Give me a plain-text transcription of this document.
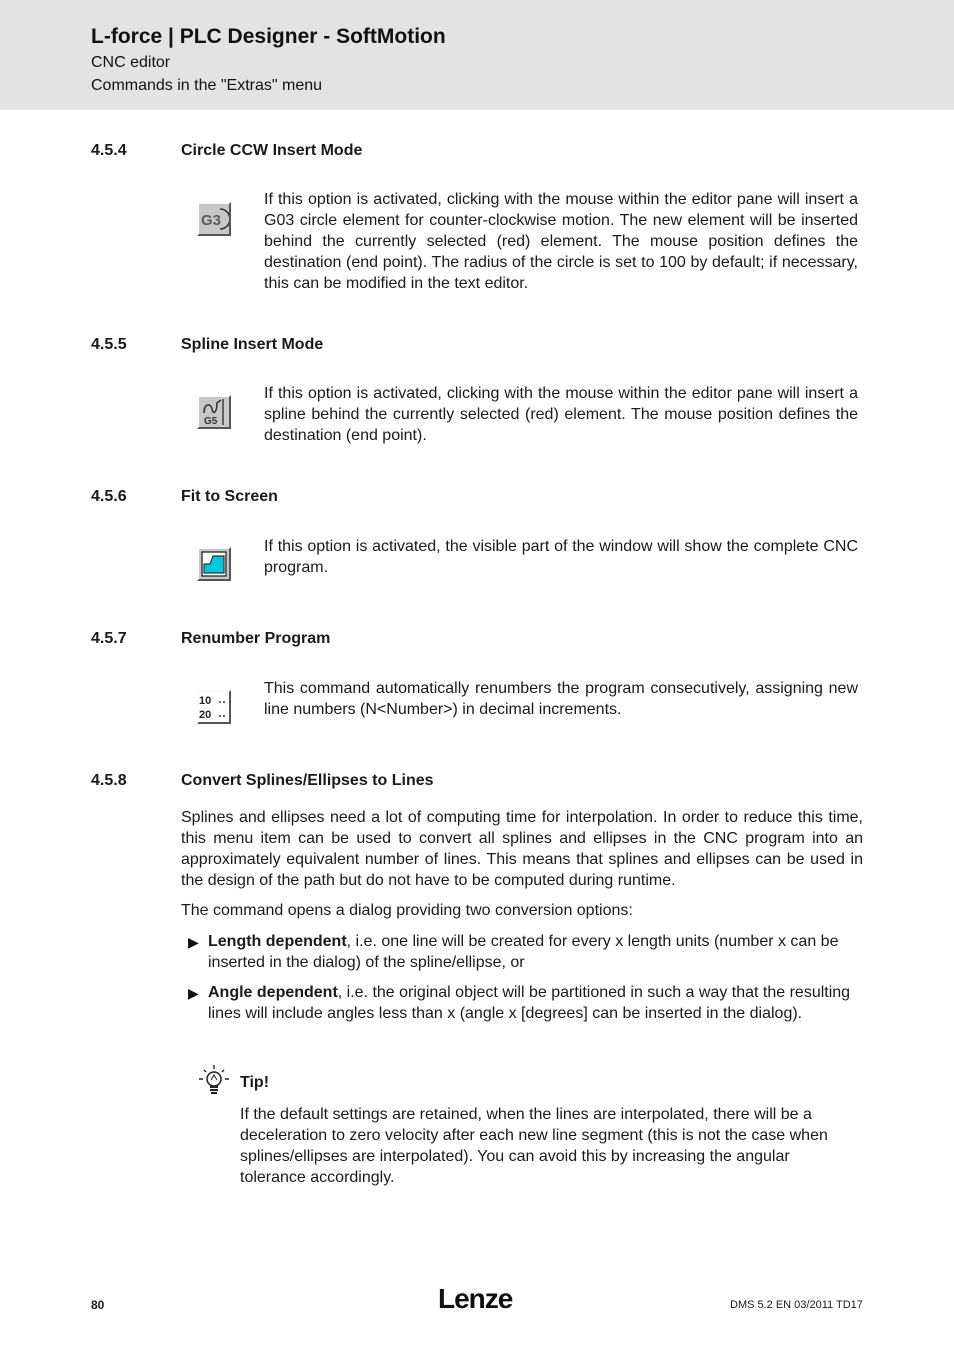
L-force | PLC Designer - SoftMotion
CNC editor
Commands in the "Extras" menu
4.5.4	Circle CCW Insert Mode
G3

If this option is activated, clicking with the mouse within the editor pane will insert a G03 circle element for counter-clockwise motion. The new element will be inserted behind the currently selected (red) element. The mouse position defines the destination (end point). The radius of the circle is set to 100 by default; if necessary, this can be modified in the text editor.

4.5.5	Spline Insert Mode
G5

If this option is activated, clicking with the mouse within the editor pane will insert a spline behind the currently selected (red) element. The mouse position defines the destination (end point).

4.5.6	Fit to Screen

If this option is activated, the visible part of the window will show the complete CNC program.

4.5.7	Renumber Program
10
20

This command automatically renumbers the program consecutively, assigning new line numbers (N<Number>) in decimal increments.

4.5.8	Convert Splines/Ellipses to Lines

Splines and ellipses need a lot of computing time for interpolation. In order to reduce this time, this menu item can be used to convert all splines and ellipses in the CNC program into an approximately equivalent number of lines. This means that splines and ellipses can be used in the design of the path but do not have to be computed during runtime.

The command opens a dialog providing two conversion options:

▶ Length dependent, i.e. one line will be created for every x length units (number x can be inserted in the dialog) of the spline/ellipse, or

▶ Angle dependent, i.e. the original object will be partitioned in such a way that the resulting lines will include angles less than x (angle x [degrees] can be inserted in the dialog).

Tip!

If the default settings are retained, when the lines are interpolated, there will be a deceleration to zero velocity after each new line segment (this is not the case when splines/ellipses are interpolated). You can avoid this by increasing the angular tolerance accordingly.

80	Lenze	DMS 5.2 EN 03/2011 TD17
